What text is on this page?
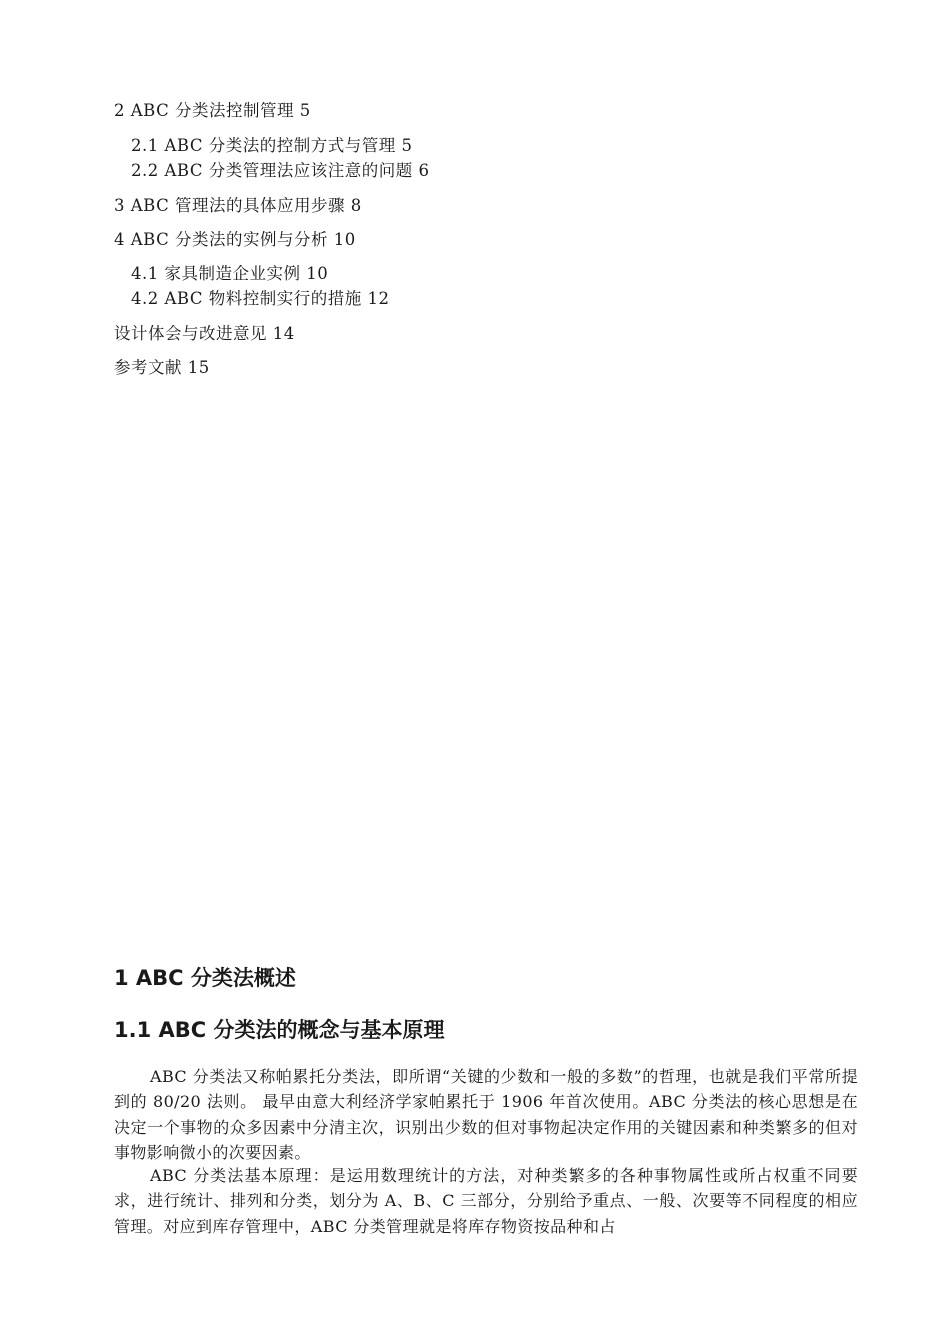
2 ABC 分类法控制管理 5
2.1 ABC 分类法的控制方式与管理 5
2.2 ABC 分类管理法应该注意的问题 6
3 ABC 管理法的具体应用步骤 8
4 ABC 分类法的实例与分析 10
4.1 家具制造企业实例 10
4.2 ABC 物料控制实行的措施 12
设计体会与改进意见 14
参考文献 15
1 ABC 分类法概述
1.1 ABC 分类法的概念与基本原理

ABC 分类法又称帕累托分类法，即所谓“关键的少数和一般的多数”的哲理，也就是我们平常所提到的 80/20 法则。 最早由意大利经济学家帕累托于 1906 年首次使用。ABC 分类法的核心思想是在决定一个事物的众多因素中分清主次，识别出少数的但对事物起决定作用的关键因素和种类繁多的但对事物影响微小的次要因素。

ABC 分类法基本原理：是运用数理统计的方法，对种类繁多的各种事物属性或所占权重不同要求，进行统计、排列和分类，划分为 A、B、C 三部分，分别给予重点、一般、次要等不同程度的相应管理。对应到库存管理中，ABC 分类管理就是将库存物资按品种和占
